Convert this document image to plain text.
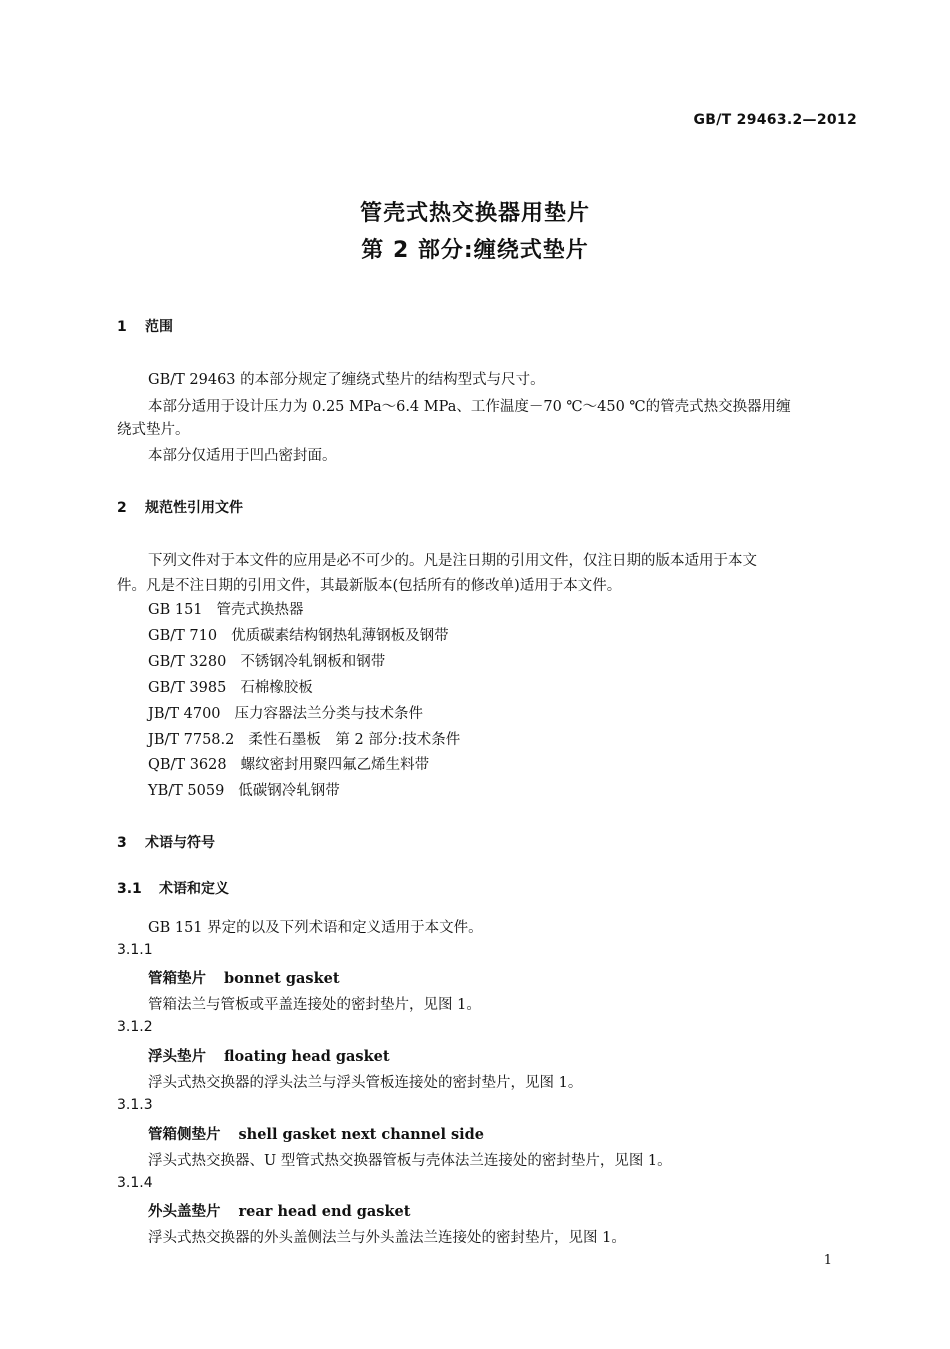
GB/T 29463.2—2012
管壳式热交换器用垫片
第 2 部分:缠绕式垫片
1 范围
GB/T 29463 的本部分规定了缠绕式垫片的结构型式与尺寸。
本部分适用于设计压力为 0.25 MPa～6.4 MPa、工作温度－70 ℃～450 ℃的管壳式热交换器用缠
绕式垫片。
本部分仅适用于凹凸密封面。
2 规范性引用文件
下列文件对于本文件的应用是必不可少的。凡是注日期的引用文件，仅注日期的版本适用于本文
件。凡是不注日期的引用文件，其最新版本(包括所有的修改单)适用于本文件。
GB 151 管壳式换热器
GB/T 710 优质碳素结构钢热轧薄钢板及钢带
GB/T 3280 不锈钢冷轧钢板和钢带
GB/T 3985 石棉橡胶板
JB/T 4700 压力容器法兰分类与技术条件
JB/T 7758.2 柔性石墨板　第 2 部分:技术条件
QB/T 3628 螺纹密封用聚四氟乙烯生料带
YB/T 5059 低碳钢冷轧钢带
3 术语与符号
3.1 术语和定义
GB 151 界定的以及下列术语和定义适用于本文件。
3.1.1
管箱垫片 bonnet gasket
管箱法兰与管板或平盖连接处的密封垫片，见图 1。
3.1.2
浮头垫片 floating head gasket
浮头式热交换器的浮头法兰与浮头管板连接处的密封垫片，见图 1。
3.1.3
管箱侧垫片 shell gasket next channel side
浮头式热交换器、U 型管式热交换器管板与壳体法兰连接处的密封垫片，见图 1。
3.1.4
外头盖垫片 rear head end gasket
浮头式热交换器的外头盖侧法兰与外头盖法兰连接处的密封垫片，见图 1。
1
